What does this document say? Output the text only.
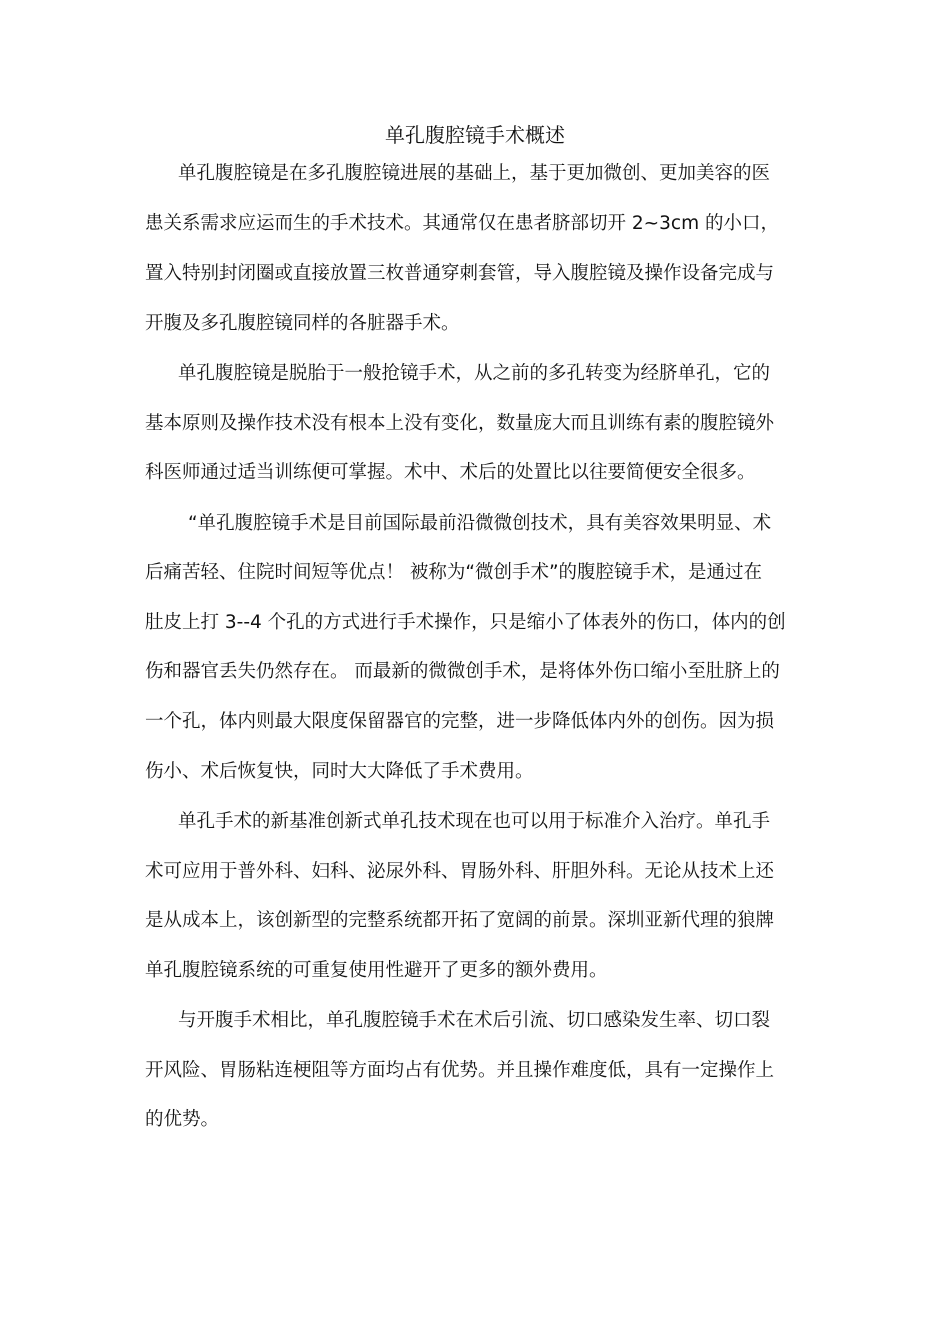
单孔腹腔镜手术概述
单孔腹腔镜是在多孔腹腔镜进展的基础上，基于更加微创、更加美容的医
患关系需求应运而生的手术技术。其通常仅在患者脐部切开 2~3cm 的小口，
置入特别封闭圈或直接放置三枚普通穿刺套管，导入腹腔镜及操作设备完成与
开腹及多孔腹腔镜同样的各脏器手术。
单孔腹腔镜是脱胎于一般抢镜手术，从之前的多孔转变为经脐单孔，它的
基本原则及操作技术没有根本上没有变化，数量庞大而且训练有素的腹腔镜外
科医师通过适当训练便可掌握。术中、术后的处置比以往要简便安全很多。
“单孔腹腔镜手术是目前国际最前沿微微创技术，具有美容效果明显、术
后痛苦轻、住院时间短等优点！ 被称为“微创手术”的腹腔镜手术，是通过在
肚皮上打 3--4 个孔的方式进行手术操作，只是缩小了体表外的伤口，体内的创
伤和器官丢失仍然存在。 而最新的微微创手术，是将体外伤口缩小至肚脐上的
一个孔，体内则最大限度保留器官的完整，进一步降低体内外的创伤。因为损
伤小、术后恢复快，同时大大降低了手术费用。
单孔手术的新基准创新式单孔技术现在也可以用于标准介入治疗。单孔手
术可应用于普外科、妇科、泌尿外科、胃肠外科、肝胆外科。无论从技术上还
是从成本上，该创新型的完整系统都开拓了宽阔的前景。深圳亚新代理的狼牌
单孔腹腔镜系统的可重复使用性避开了更多的额外费用。
与开腹手术相比，单孔腹腔镜手术在术后引流、切口感染发生率、切口裂
开风险、胃肠粘连梗阻等方面均占有优势。并且操作难度低，具有一定操作上
的优势。
